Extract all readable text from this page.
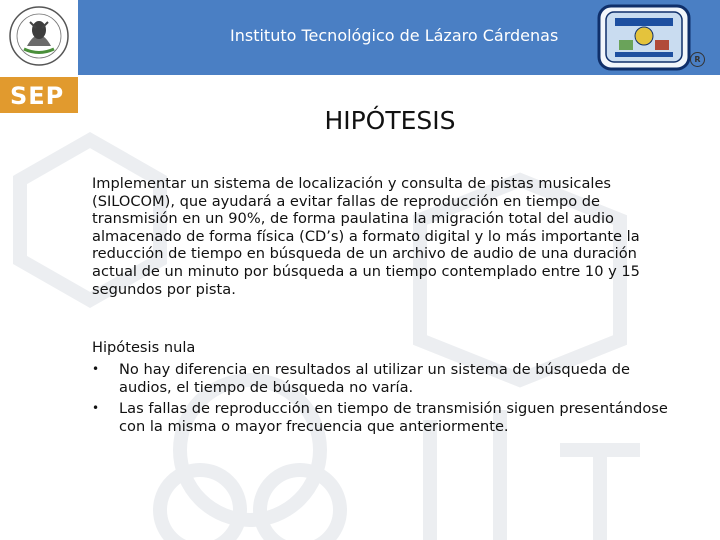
Instituto Tecnológico de Lázaro Cárdenas
SEP
R
HIPÓTESIS

Implementar un sistema de localización y consulta de pistas musicales (SILOCOM), que ayudará a evitar fallas de reproducción en tiempo de transmisión en un 90%, de forma paulatina la migración total del audio almacenado de forma física (CD’s) a formato digital y lo más importante la reducción de tiempo en búsqueda de un archivo de audio de una duración actual de un minuto por búsqueda a un tiempo contemplado entre 10 y 15 segundos por pista.

Hipótesis nula
•	No hay diferencia en resultados al utilizar un sistema de búsqueda de audios, el tiempo de búsqueda no varía.
•	Las fallas de reproducción en tiempo de transmisión siguen presentándose con la misma o mayor frecuencia que anteriormente.
